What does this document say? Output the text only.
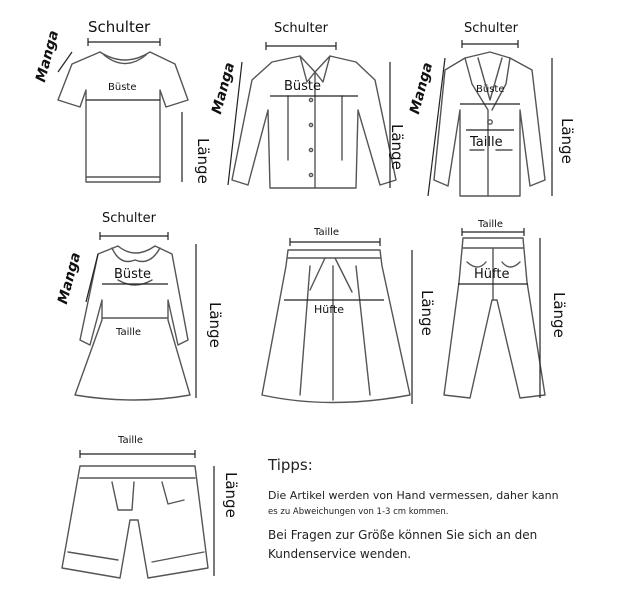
Schulter
Manga
Büste
Länge
Schulter
Manga	Büste
Länge
Schulter
Manga	Büste
Taille	Länge
Schulter
Manga Büste
Taille	Länge
Taille
Hüfte	Länge
Taille
Hüfte
Länge
Taille
Länge
Tipps:
Die Artikel werden von Hand vermessen, daher kann
es zu Abweichungen von 1-3 cm kommen.
Bei Fragen zur Größe können Sie sich an den Kundenservice wenden.
